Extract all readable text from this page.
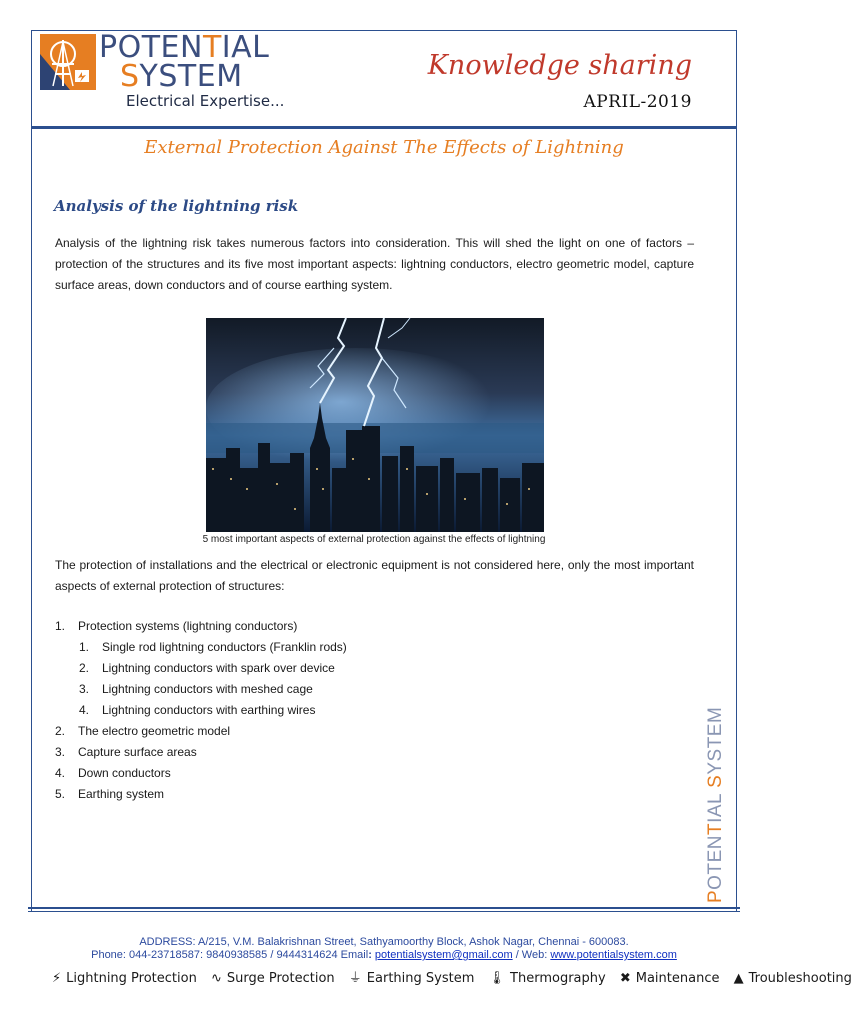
POTENTIAL
SYSTEM
Electrical Expertise...
Knowledge sharing
APRIL-2019
External Protection Against The Effects of Lightning
Analysis of the lightning risk
Analysis of the lightning risk takes numerous factors into consideration. This will shed the light on one of factors – protection of the structures and its five most important aspects: lightning conductors, electro geometric model, capture surface areas, down conductors and of course earthing system.
5 most important aspects of external protection against the effects of lightning
The protection of installations and the electrical or electronic equipment is not considered here, only the most important aspects of external protection of structures:
1. Protection systems (lightning conductors)
1. Single rod lightning conductors (Franklin rods)
2. Lightning conductors with spark over device
3. Lightning conductors with meshed cage
4. Lightning conductors with earthing wires
2. The electro geometric model
3. Capture surface areas
4. Down conductors
5. Earthing system
POTENTIAL SYSTEM
ADDRESS: A/215, V.M. Balakrishnan Street, Sathyamoorthy Block, Ashok Nagar, Chennai - 600083.
Phone: 044-23718587: 9840938585 / 9444314624 Email: potentialsystem@gmail.com / Web: www.potentialsystem.com
⚡ Lightning Protection ∿ Surge Protection ⏚ Earthing System 🌡 Thermography ✖ Maintenance ▲ Troubleshooting
